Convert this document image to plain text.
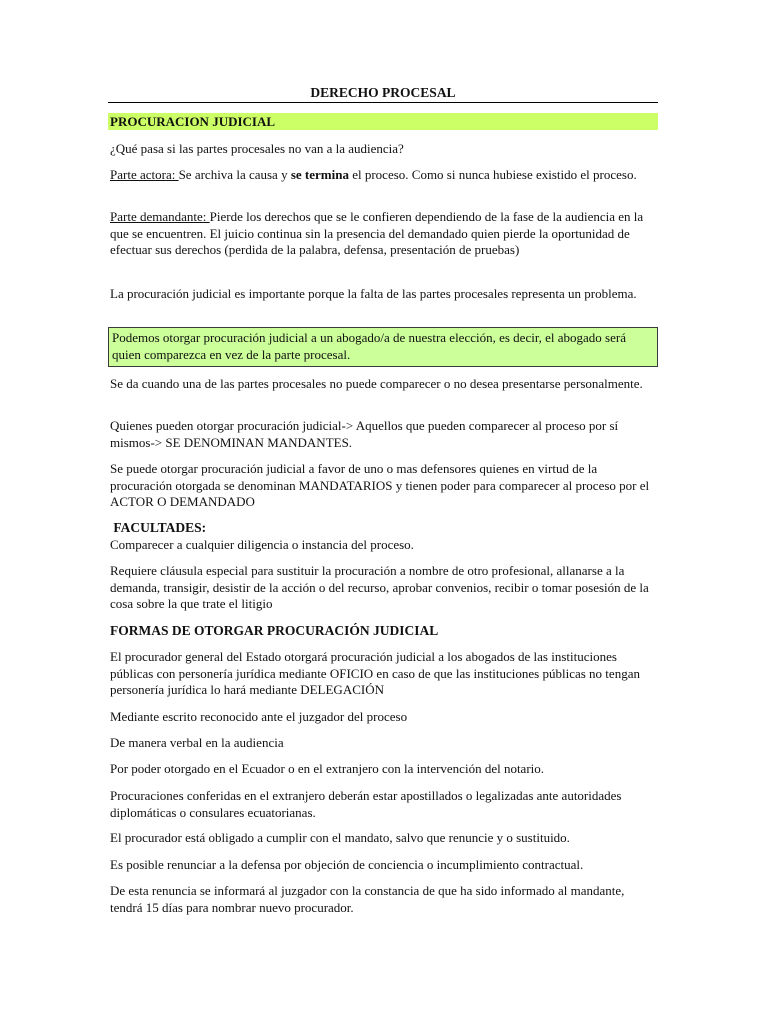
DERECHO PROCESAL
PROCURACION JUDICIAL
¿Qué pasa si las partes procesales no van a la audiencia?
Parte actora: Se archiva la causa y se termina el proceso. Como si nunca hubiese existido el proceso.
Parte demandante: Pierde los derechos que se le confieren dependiendo de la fase de la audiencia en la que se encuentren. El juicio continua sin la presencia del demandado quien pierde la oportunidad de efectuar sus derechos (perdida de la palabra, defensa, presentación de pruebas)
La procuración judicial es importante porque la falta de las partes procesales representa un problema.
Podemos otorgar procuración judicial a un abogado/a de nuestra elección, es decir, el abogado será quien comparezca en vez de la parte procesal.
Se da cuando una de las partes procesales no puede comparecer o no desea presentarse personalmente.
Quienes pueden otorgar procuración judicial-> Aquellos que pueden comparecer al proceso por sí mismos-> SE DENOMINAN MANDANTES.
Se puede otorgar procuración judicial a favor de uno o mas defensores quienes en virtud de la procuración otorgada se denominan MANDATARIOS y tienen poder para comparecer al proceso por el ACTOR O DEMANDADO
FACULTADES:
Comparecer a cualquier diligencia o instancia del proceso.
Requiere cláusula especial para sustituir la procuración a nombre de otro profesional, allanarse a la demanda, transigir, desistir de la acción o del recurso, aprobar convenios, recibir o tomar posesión de la cosa sobre la que trate el litigio
FORMAS DE OTORGAR PROCURACIÓN JUDICIAL
El procurador general del Estado otorgará procuración judicial a los abogados de las instituciones públicas con personería jurídica mediante OFICIO en caso de que las instituciones públicas no tengan personería jurídica lo hará mediante DELEGACIÓN
Mediante escrito reconocido ante el juzgador del proceso
De manera verbal en la audiencia
Por poder otorgado en el Ecuador o en el extranjero con la intervención del notario.
Procuraciones conferidas en el extranjero deberán estar apostillados o legalizadas ante autoridades diplomáticas o consulares ecuatorianas.
El procurador está obligado a cumplir con el mandato, salvo que renuncie y o sustituido.
Es posible renunciar a la defensa por objeción de conciencia o incumplimiento contractual.
De esta renuncia se informará al juzgador con la constancia de que ha sido informado al mandante, tendrá 15 días para nombrar nuevo procurador.
